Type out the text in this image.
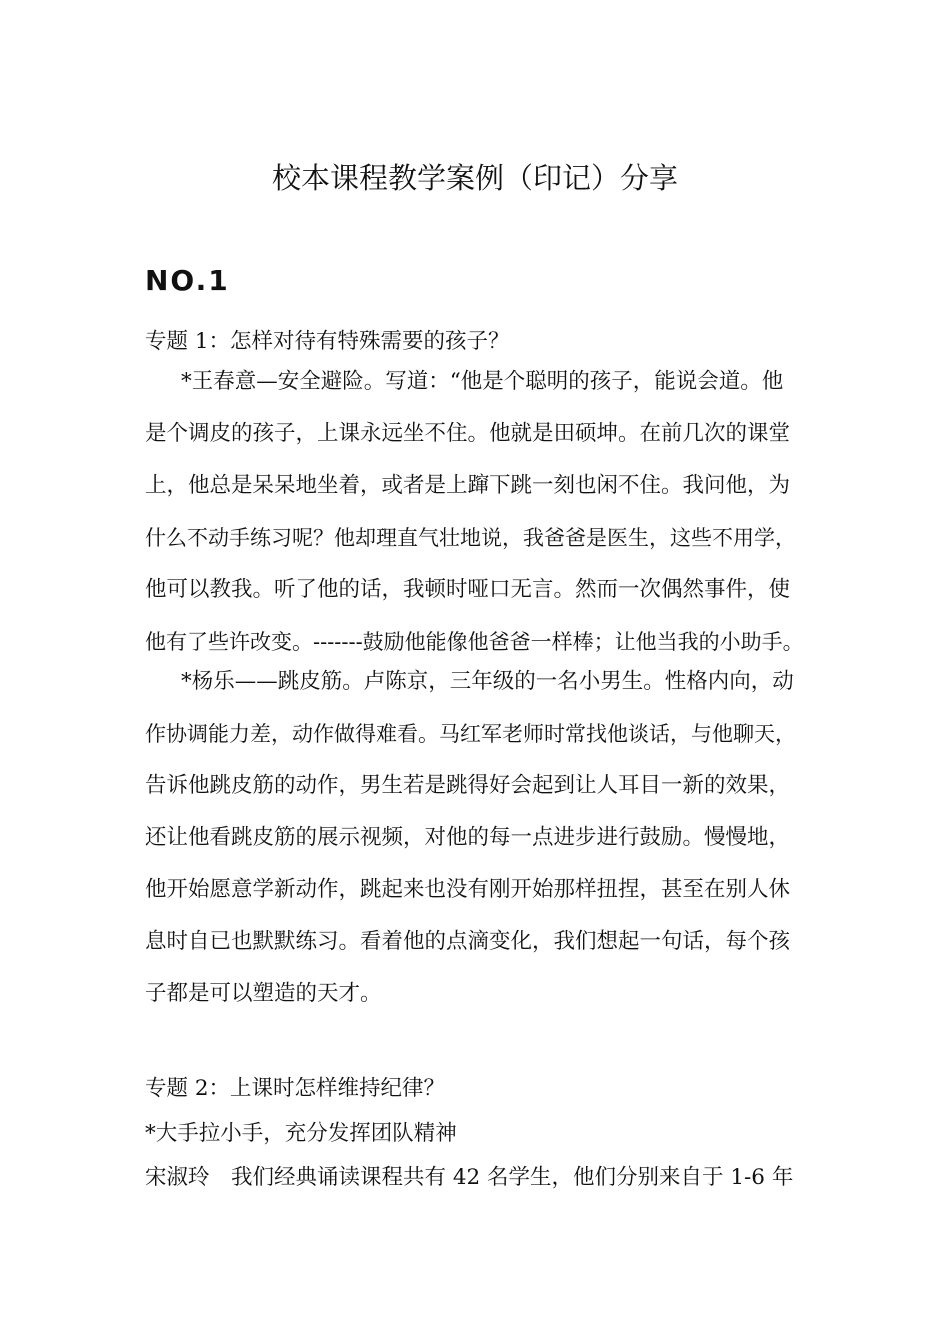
校本课程教学案例（印记）分享
NO.1
专题 1：怎样对待有特殊需要的孩子？
*王春意—安全避险。写道：“他是个聪明的孩子，能说会道。他
是个调皮的孩子，上课永远坐不住。他就是田硕坤。在前几次的课堂
上，他总是呆呆地坐着，或者是上蹿下跳一刻也闲不住。我问他，为
什么不动手练习呢？他却理直气壮地说，我爸爸是医生，这些不用学，
他可以教我。听了他的话，我顿时哑口无言。然而一次偶然事件，使
他有了些许改变。-------鼓励他能像他爸爸一样棒；让他当我的小助手。
*杨乐——跳皮筋。卢陈京，三年级的一名小男生。性格内向，动
作协调能力差，动作做得难看。马红军老师时常找他谈话，与他聊天，
告诉他跳皮筋的动作，男生若是跳得好会起到让人耳目一新的效果，
还让他看跳皮筋的展示视频，对他的每一点进步进行鼓励。慢慢地，
他开始愿意学新动作，跳起来也没有刚开始那样扭捏，甚至在别人休
息时自已也默默练习。看着他的点滴变化，我们想起一句话，每个孩
子都是可以塑造的天才。
专题 2：上课时怎样维持纪律？
*大手拉小手，充分发挥团队精神
宋淑玲　我们经典诵读课程共有 42 名学生，他们分别来自于 1-6 年
